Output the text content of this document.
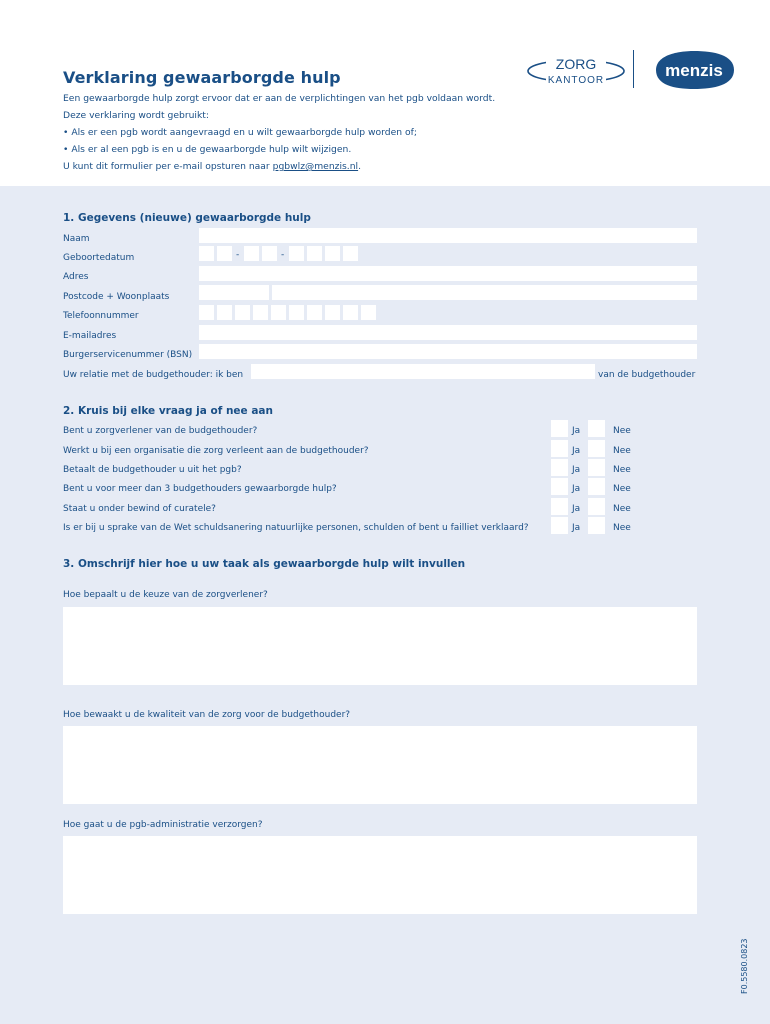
Verklaring gewaarborgde hulp
Een gewaarborgde hulp zorgt ervoor dat er aan de verplichtingen van het pgb voldaan wordt.
Deze verklaring wordt gebruikt:
• Als er een pgb wordt aangevraagd en u wilt gewaarborgde hulp worden of;
• Als er al een pgb is en u de gewaarborgde hulp wilt wijzigen.
U kunt dit formulier per e-mail opsturen naar pgbwlz@menzis.nl.
ZORG
KANTOOR
menzis
1. Gegevens (nieuwe) gewaarborgde hulp
Naam
Geboortedatum	-	-
Adres
Postcode + Woonplaats
Telefoonnummer
E-mailadres
Burgerservicenummer (BSN)
Uw relatie met de budgethouder: ik ben	van de budgethouder
2. Kruis bij elke vraag ja of nee aan
Bent u zorgverlener van de budgethouder?	Ja	Nee
Werkt u bij een organisatie die zorg verleent aan de budgethouder?	Ja	Nee
Betaalt de budgethouder u uit het pgb?	Ja	Nee
Bent u voor meer dan 3 budgethouders gewaarborgde hulp?	Ja	Nee
Staat u onder bewind of curatele?	Ja	Nee
Is er bij u sprake van de Wet schuldsanering natuurlijke personen, schulden of bent u failliet verklaard?	Ja	Nee
3. Omschrijf hier hoe u uw taak als gewaarborgde hulp wilt invullen
Hoe bepaalt u de keuze van de zorgverlener?
Hoe bewaakt u de kwaliteit van de zorg voor de budgethouder?
Hoe gaat u de pgb-administratie verzorgen?
F0.5580.0823
